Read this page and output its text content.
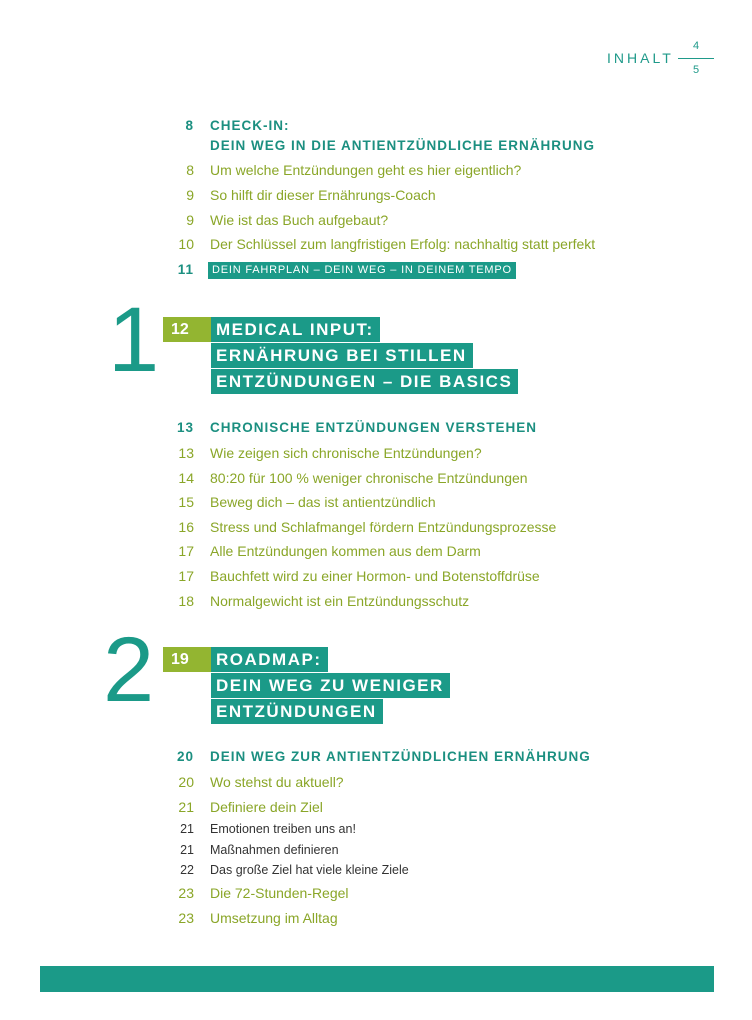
INHALT
4
5
8 CHECK-IN:
DEIN WEG IN DIE ANTIENTZÜNDLICHE ERNÄHRUNG
8 Um welche Entzündungen geht es hier eigentlich?
9 So hilft dir dieser Ernährungs-Coach
9 Wie ist das Buch aufgebaut?
10 Der Schlüssel zum langfristigen Erfolg: nachhaltig statt perfekt
11	DEIN FAHRPLAN – DEIN WEG – IN DEINEM TEMPO
1 12	MEDICAL INPUT:
ERNÄHRUNG BEI STILLEN
ENTZÜNDUNGEN – DIE BASICS
13 CHRONISCHE ENTZÜNDUNGEN VERSTEHEN
13 Wie zeigen sich chronische Entzündungen?
14 80:20 für 100 % weniger chronische Entzündungen
15 Beweg dich – das ist antientzündlich
16 Stress und Schlafmangel fördern Entzündungsprozesse
17 Alle Entzündungen kommen aus dem Darm
17 Bauchfett wird zu einer Hormon- und Botenstoffdrüse
18 Normalgewicht ist ein Entzündungsschutz
2	19	ROADMAP:
DEIN WEG ZU WENIGER
ENTZÜNDUNGEN
20 DEIN WEG ZUR ANTIENTZÜNDLICHEN ERNÄHRUNG
20 Wo stehst du aktuell?
21 Definiere dein Ziel
21 Emotionen treiben uns an!
21 Maßnahmen definieren
22 Das große Ziel hat viele kleine Ziele
23 Die 72-Stunden-Regel
23 Umsetzung im Alltag
